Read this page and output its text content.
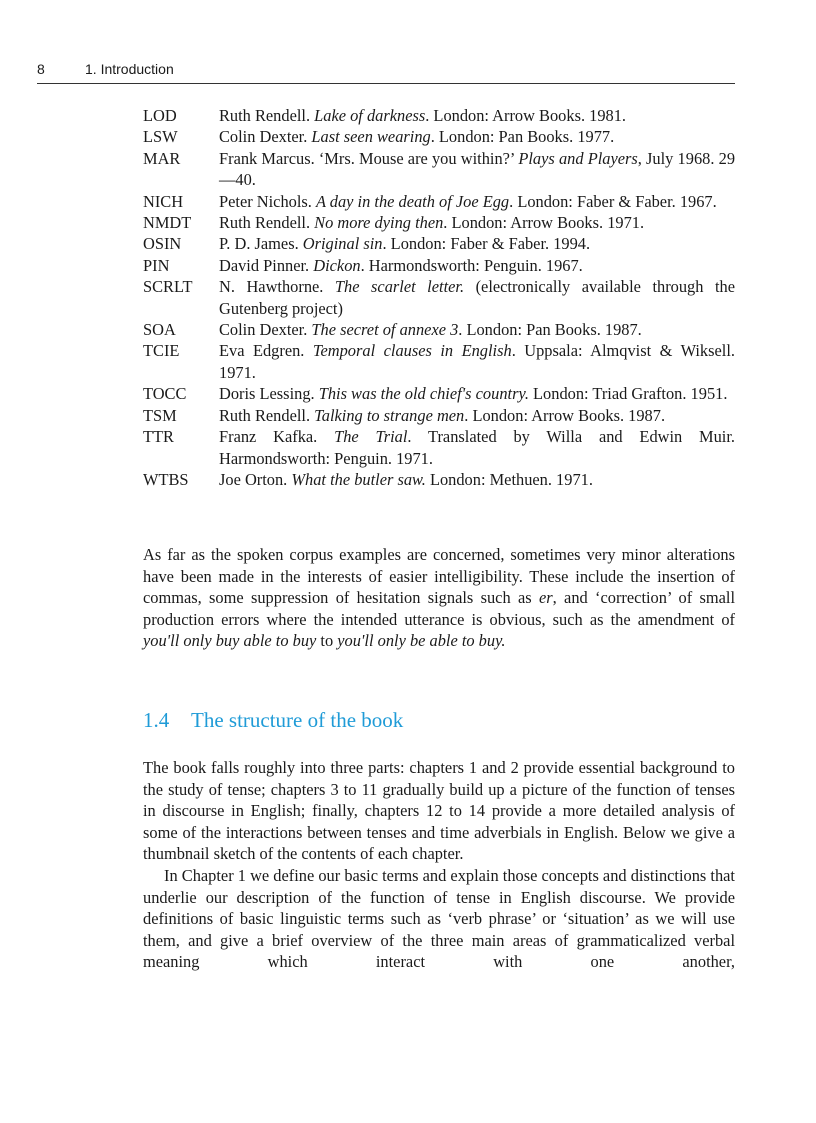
8	1. Introduction
LOD	Ruth Rendell. Lake of darkness. London: Arrow Books. 1981.
LSW	Colin Dexter. Last seen wearing. London: Pan Books. 1977.
MAR	Frank Marcus. ‘Mrs. Mouse are you within?’ Plays and Players, July 1968. 29—40.
NICH	Peter Nichols. A day in the death of Joe Egg. London: Faber & Faber. 1967.
NMDT	Ruth Rendell. No more dying then. London: Arrow Books. 1971.
OSIN	P. D. James. Original sin. London: Faber & Faber. 1994.
PIN	David Pinner. Dickon. Harmondsworth: Penguin. 1967.
SCRLT	N. Hawthorne. The scarlet letter. (electronically available through the Gutenberg project)
SOA	Colin Dexter. The secret of annexe 3. London: Pan Books. 1987.
TCIE	Eva Edgren. Temporal clauses in English. Uppsala: Almqvist & Wiksell. 1971.
TOCC	Doris Lessing. This was the old chief's country. London: Triad Grafton. 1951.
TSM	Ruth Rendell. Talking to strange men. London: Arrow Books. 1987.
TTR	Franz Kafka. The Trial. Translated by Willa and Edwin Muir. Harmondsworth: Penguin. 1971.
WTBS	Joe Orton. What the butler saw. London: Methuen. 1971.

As far as the spoken corpus examples are concerned, sometimes very minor alterations have been made in the interests of easier intelligibility. These include the insertion of commas, some suppression of hesitation signals such as er, and ‘correction’ of small production errors where the intended utterance is obvious, such as the amendment of you'll only buy able to buy to you'll only be able to buy.

1.4 The structure of the book

The book falls roughly into three parts: chapters 1 and 2 provide essential background to the study of tense; chapters 3 to 11 gradually build up a picture of the function of tenses in discourse in English; finally, chapters 12 to 14 provide a more detailed analysis of some of the interactions between tenses and time adverbials in English. Below we give a thumbnail sketch of the contents of each chapter.

In Chapter 1 we define our basic terms and explain those concepts and distinctions that underlie our description of the function of tense in English discourse. We provide definitions of basic linguistic terms such as ‘verb phrase’ or ‘situation’ as we will use them, and give a brief overview of the three main areas of grammaticalized verbal meaning which interact with one another,
